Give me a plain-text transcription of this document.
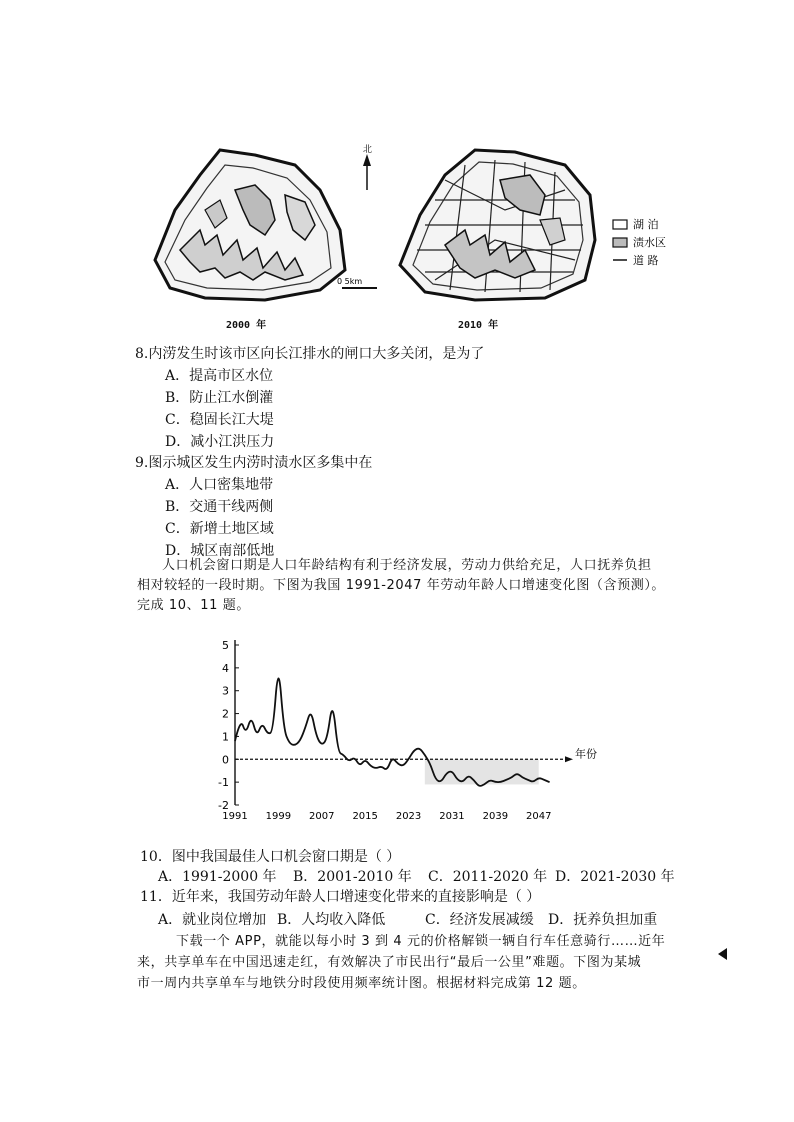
北
0 5km
湖 泊
渍水区
道 路
2000 年	2010 年
8.内涝发生时该市区向长江排水的闸口大多关闭，是为了
A．提高市区水位
B．防止江水倒灌
C．稳固长江大堤
D．减小江洪压力
9.图示城区发生内涝时渍水区多集中在
A．人口密集地带
B．交通干线两侧
C．新增土地区域
D．城区南部低地
人口机会窗口期是人口年龄结构有利于经济发展，劳动力供给充足，人口抚养负担
相对较轻的一段时期。下图为我国 1991-2047 年劳动年龄人口增速变化图（含预测）。
完成 10、11 题。
年份
5
4
3
2
1
0
-1
-2
1991 1999 2007 2015 2023 2031 2039 2047
10．图中我国最佳人口机会窗口期是（ ）
A．1991-2000 年 B．2001-2010 年 C．2011-2020 年 D．2021-2030 年
11．近年来，我国劳动年龄人口增速变化带来的直接影响是（ ）
A．就业岗位增加 B．人均收入降低	C．经济发展减缓 D．抚养负担加重
下载一个 APP，就能以每小时 3 到 4 元的价格解锁一辆自行车任意骑行……近年
来，共享单车在中国迅速走红，有效解决了市民出行“最后一公里”难题。下图为某城
市一周内共享单车与地铁分时段使用频率统计图。根据材料完成第 12 题。
